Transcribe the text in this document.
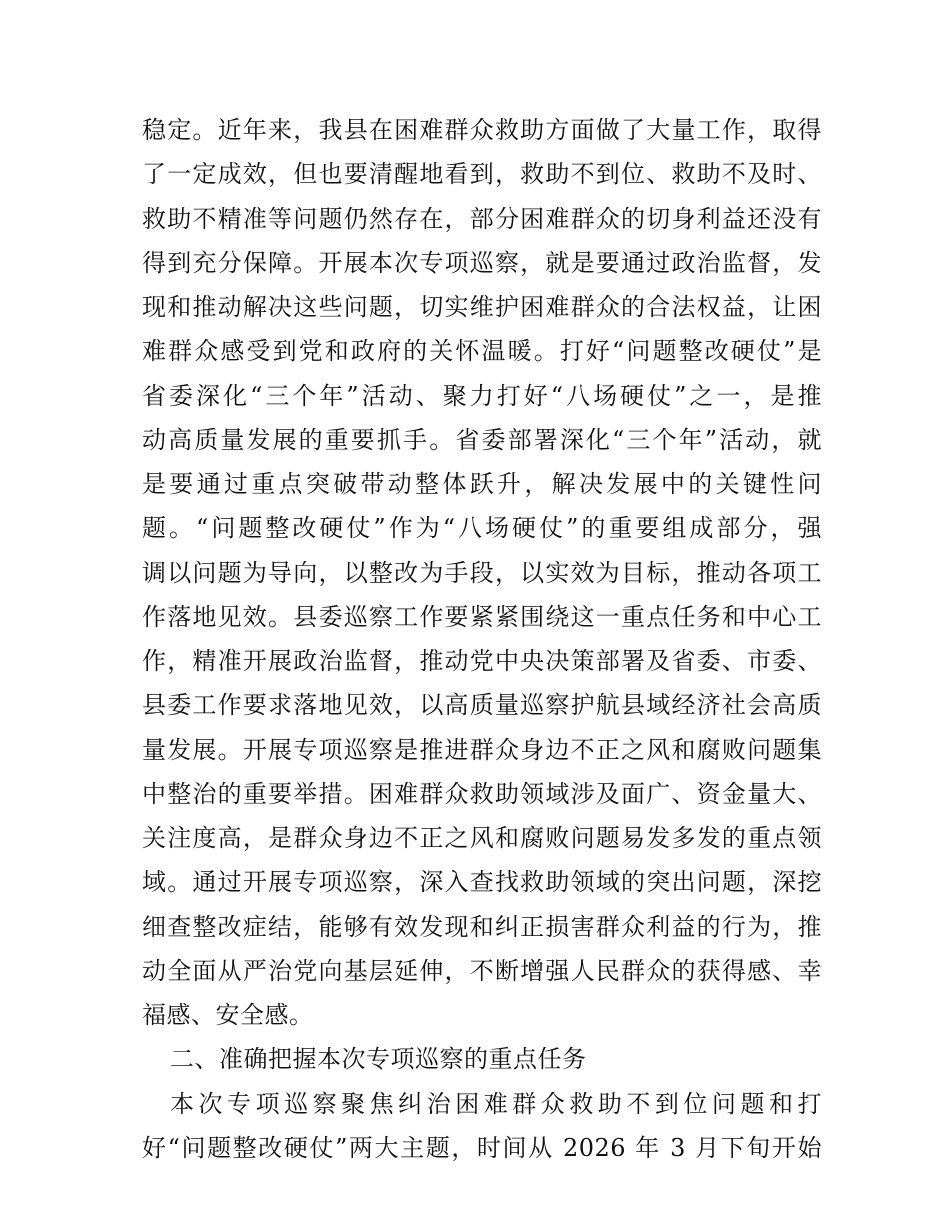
稳定。近年来，我县在困难群众救助方面做了大量工作，取得
了一定成效，但也要清醒地看到，救助不到位、救助不及时、
救助不精准等问题仍然存在，部分困难群众的切身利益还没有
得到充分保障。开展本次专项巡察，就是要通过政治监督，发
现和推动解决这些问题，切实维护困难群众的合法权益，让困
难群众感受到党和政府的关怀温暖。打好“问题整改硬仗”是
省委深化“三个年”活动、聚力打好“八场硬仗”之一，是推
动高质量发展的重要抓手。省委部署深化“三个年”活动，就
是要通过重点突破带动整体跃升，解决发展中的关键性问
题。“问题整改硬仗”作为“八场硬仗”的重要组成部分，强
调以问题为导向，以整改为手段，以实效为目标，推动各项工
作落地见效。县委巡察工作要紧紧围绕这一重点任务和中心工
作，精准开展政治监督，推动党中央决策部署及省委、市委、
县委工作要求落地见效，以高质量巡察护航县域经济社会高质
量发展。开展专项巡察是推进群众身边不正之风和腐败问题集
中整治的重要举措。困难群众救助领域涉及面广、资金量大、
关注度高，是群众身边不正之风和腐败问题易发多发的重点领
域。通过开展专项巡察，深入查找救助领域的突出问题，深挖
细查整改症结，能够有效发现和纠正损害群众利益的行为，推
动全面从严治党向基层延伸，不断增强人民群众的获得感、幸
福感、安全感。
二、准确把握本次专项巡察的重点任务
本次专项巡察聚焦纠治困难群众救助不到位问题和打
好“问题整改硬仗”两大主题，时间从 2026 年 3 月下旬开始
